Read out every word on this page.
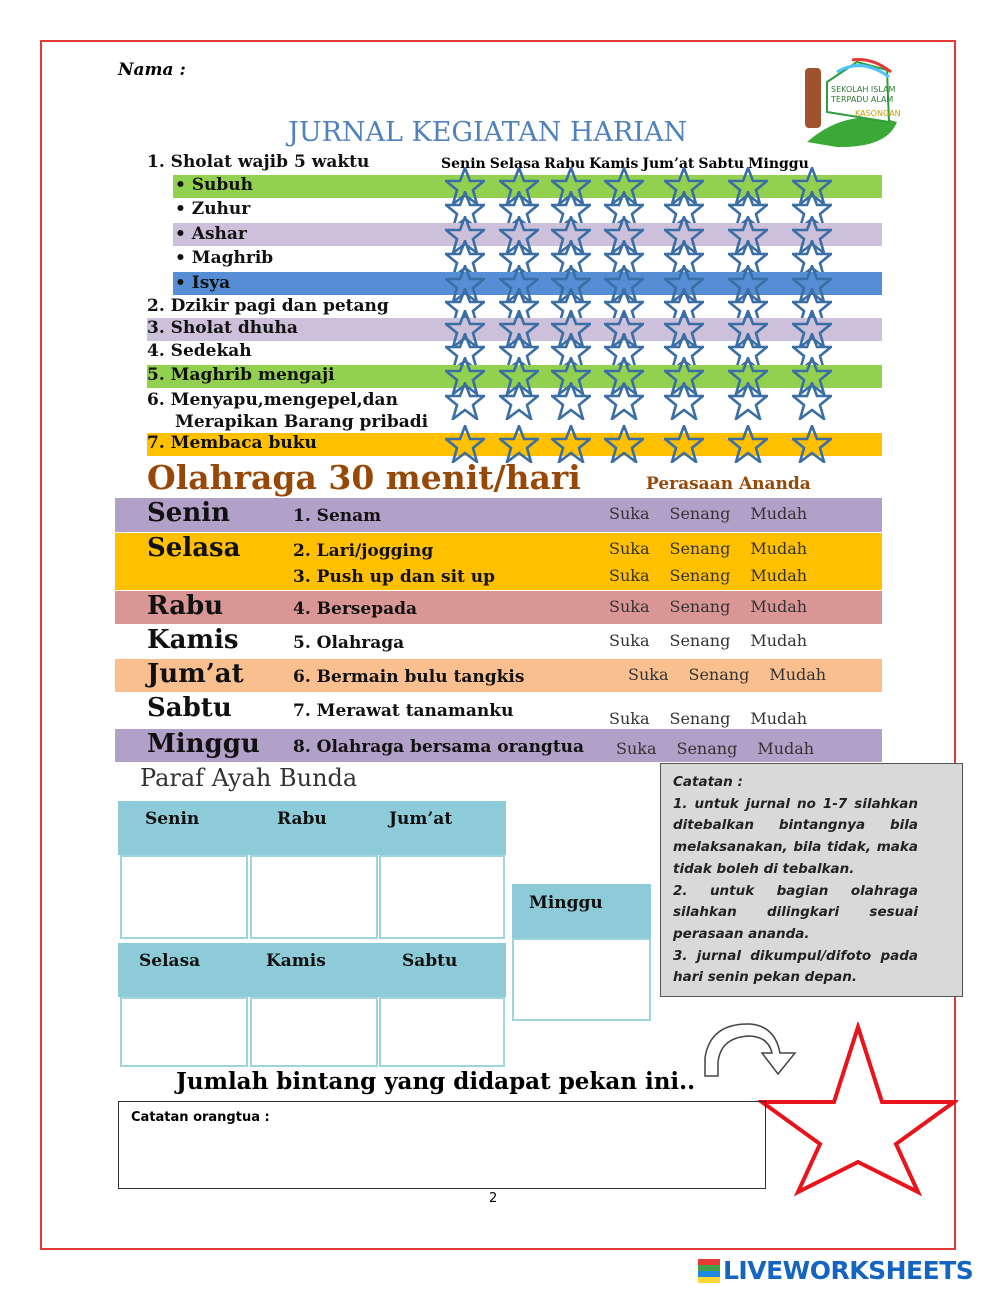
Nama :
SEKOLAH ISLAM
TERPADU ALAM
KASONGAN
JURNAL KEGIATAN HARIAN
Senin Selasa Rabu Kamis Jum’at Sabtu Minggu
Olahraga 30 menit/hari	Perasaan Ananda
Paraf Ayah Bunda	Catatan :
1. untuk jurnal no 1-7 silahkan ditebalkan bintangnya bila melaksanakan, bila tidak, maka tidak boleh di tebalkan.
2. untuk bagian olahraga silahkan dilingkari sesuai perasaan ananda.
3. jurnal dikumpul/difoto pada hari senin pekan depan.
Jumlah bintang yang didapat pekan ini..
Catatan orangtua :
2
LIVEWORKSHEETS
1. Sholat wajib 5 waktu
• Subuh
• Zuhur
• Ashar
• Maghrib
• Isya
2. Dzikir pagi dan petang
3. Sholat dhuha
4. Sedekah
5. Maghrib mengaji
6. Menyapu,mengepel,dan
Merapikan Barang pribadi
7. Membaca buku
Senin	1. Senam	Suka Senang Mudah
Selasa	2. Lari/jogging	Suka Senang Mudah
3. Push up dan sit up	Suka Senang Mudah
Rabu	4. Bersepada	Suka Senang Mudah
Kamis	5. Olahraga	Suka Senang Mudah
Jum’at	6. Bermain bulu tangkis	Suka Senang Mudah
Sabtu	7. Merawat tanamanku	Suka Senang Mudah
Minggu 8. Olahraga bersama orangtua Suka Senang Mudah
Senin	Rabu	Jum’at
Selasa	Kamis	Sabtu
Minggu
